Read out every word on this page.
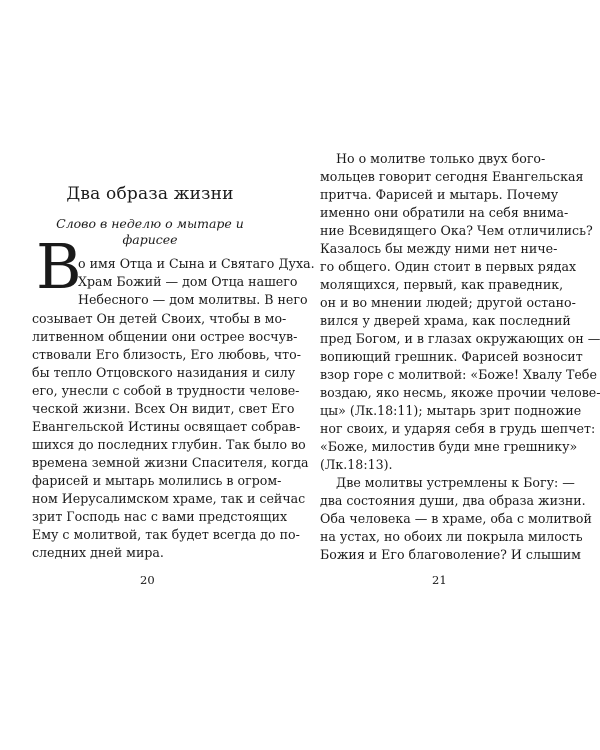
Два образа жизни
Слово в неделю о мытаре и фарисее
В
о имя Отца и Сына и Святаго Духа.
Храм Божий — дом Отца нашего
Небесного — дом молитвы. В него
созывает Он детей Своих, чтобы в мо-
литвенном общении они острее восчув-
ствовали Его близость, Его любовь, что-
бы тепло Отцовского назидания и силу
его, унесли с собой в трудности челове-
ческой жизни. Всех Он видит, свет Его
Евангельской Истины освящает собрав-
шихся до последних глубин. Так было во
времена земной жизни Спасителя, когда
фарисей и мытарь молились в огром-
ном Иерусалимском храме, так и сейчас
зрит Господь нас с вами предстоящих
Ему с молитвой, так будет всегда до по-
следних дней мира.
20
Но о молитве только двух бого-
мольцев говорит сегодня Евангельская
притча. Фарисей и мытарь. Почему
именно они обратили на себя внима-
ние Всевидящего Ока? Чем отличились?
Казалось бы между ними нет ниче-
го общего. Один стоит в первых рядах
молящихся, первый, как праведник,
он и во мнении людей; другой остано-
вился у дверей храма, как последний
пред Богом, и в глазах окружающих он —
вопиющий грешник. Фарисей возносит
взор горе с молитвой: «Боже! Хвалу Тебе
воздаю, яко несмь, якоже прочии челове-
цы» (Лк.18:11); мытарь зрит подножие
ног своих, и ударяя себя в грудь шепчет:
«Боже, милостив буди мне грешнику»
(Лк.18:13).
Две молитвы устремлены к Богу: —
два состояния души, два образа жизни.
Оба человека — в храме, оба с молитвой
на устах, но обоих ли покрыла милость
Божия и Его благоволение? И слышим
21
